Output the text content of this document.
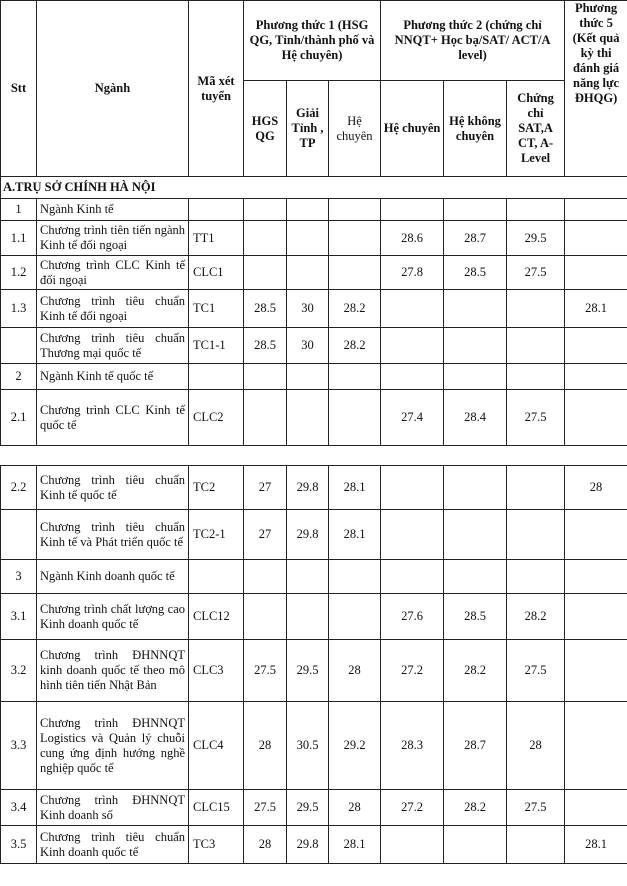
Stt	Ngành	Mã xét tuyển	Phương thức 1 (HSG QG, Tỉnh/thành phố và Hệ chuyên)			Phương thức 2 (chứng chỉ NNQT+ Học bạ/SAT/ ACT/A level)			Phương thức 5 (Kết quả kỳ thi đánh giá năng lực ĐHQG)
			HGS QG	Giải Tỉnh , TP	Hệ chuyên	Hệ chuyên	Hệ không chuyên	Chứng chỉ SAT,A CT, A-Level	
A.TRỤ SỞ CHÍNH HÀ NỘI									
1	Ngành Kinh tế								
1.1	Chương trình tiên tiến ngành Kinh tế đối ngoại	TT1				28.6	28.7	29.5	
1.2	Chương trình CLC Kinh tế đối ngoại	CLC1				27.8	28.5	27.5	
1.3	Chương trình tiêu chuẩn Kinh tế đối ngoại	TC1	28.5	30	28.2				28.1
	Chương trình tiêu chuẩn Thương mại quốc tế	TC1-1	28.5	30	28.2				
2	Ngành Kinh tế quốc tế								
2.1	Chương trình CLC Kinh tế quốc tế	CLC2				27.4	28.4	27.5	
2.2	Chương trình tiêu chuẩn Kinh tế quốc tế	TC2	27	29.8	28.1				28
	Chương trình tiêu chuẩn Kinh tế và Phát triển quốc tế	TC2-1	27	29.8	28.1				
3	Ngành Kinh doanh quốc tế								
3.1	Chương trình chất lượng cao Kinh doanh quốc tế	CLC12				27.6	28.5	28.2	
3.2	Chương trình ĐHNNQT kinh doanh quốc tế theo mô hình tiên tiến Nhật Bản	CLC3	27.5	29.5	28	27.2	28.2	27.5	
3.3	Chương trình ĐHNNQT Logistics và Quản lý chuỗi cung ứng định hướng nghề nghiệp quốc tế	CLC4	28	30.5	29.2	28.3	28.7	28	
3.4	Chương trình ĐHNNQT Kinh doanh số	CLC15	27.5	29.5	28	27.2	28.2	27.5	
3.5	Chương trình tiêu chuẩn Kinh doanh quốc tế	TC3	28	29.8	28.1				28.1
